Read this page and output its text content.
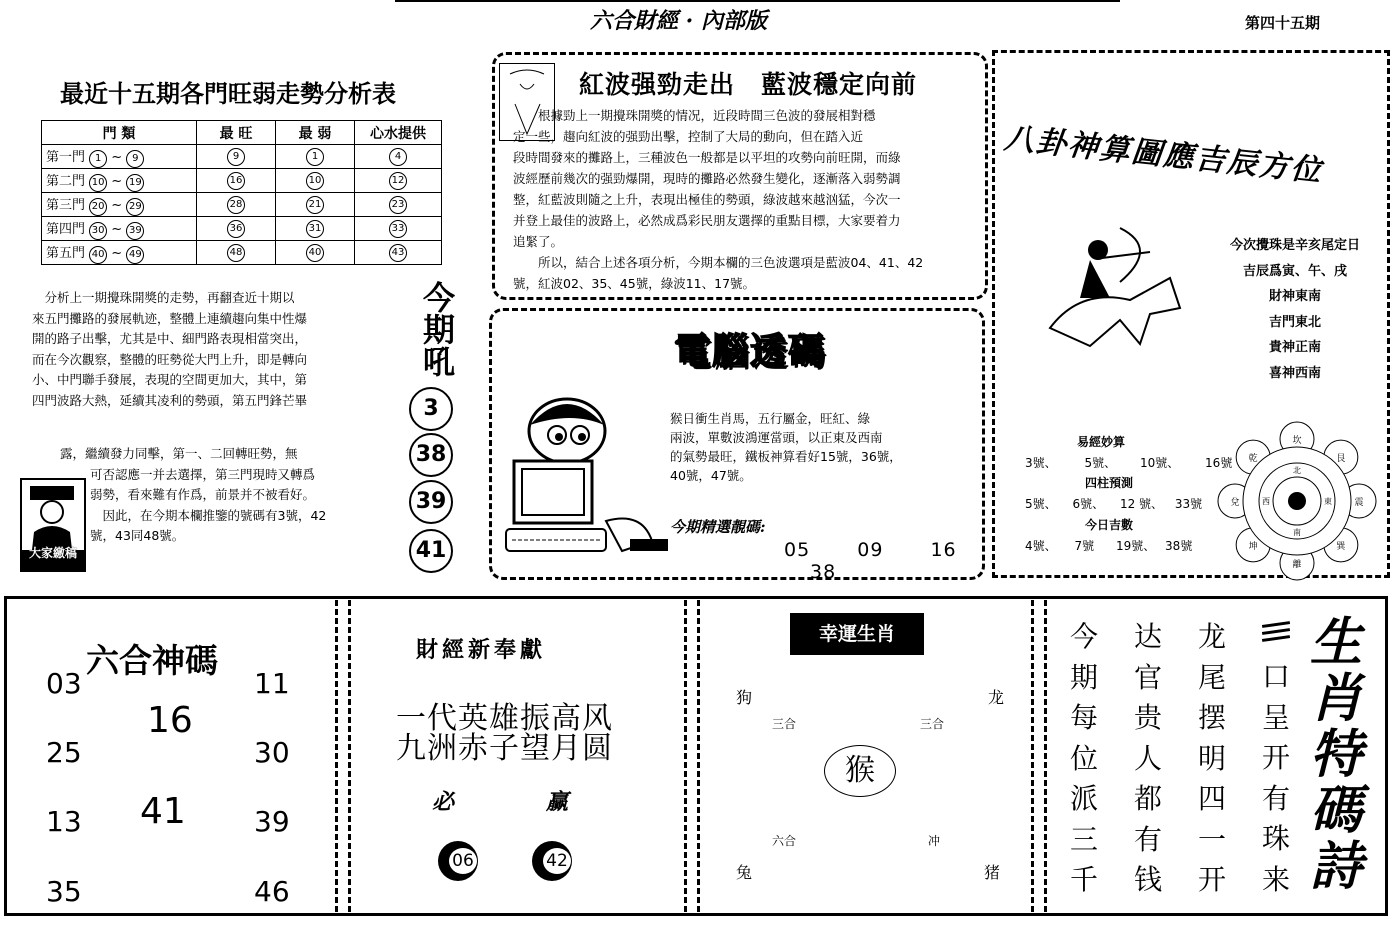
六合財經 · 內部版	第四十五期
最近十五期各門旺弱走勢分析表
門 類	最 旺	最 弱	心水提供
第一門 1 ~ 9	9	1	4
第二門 10 ~ 19	16	10	12
第三門 20 ~ 29	28	21	23
第四門 30 ~ 39	36	31	33
第五門 40 ~ 49	48	40	43
　分析上一期攪珠開獎的走勢，再翻查近十期以
來五門攤路的發展軌迹，整體上連續趨向集中性爆
開的路子出擊，尤其是中、細門路表現相當突出，
而在今次觀察，整體的旺勢從大門上升，即是轉向
小、中門聯手發展，表現的空間更加大，其中，第
四門波路大熱，延續其凌利的勢頭，第五門鋒芒畢
露，繼續發力同擊，第一、二回轉旺勢，無
可否認應一并去選擇，第三門現時又轉爲
弱勢，看來難有作爲，前景并不被看好。
　因此，在今期本欄推鑒的號碼有3號，42
號，43同48號。
大家繳稿
今期吼
3
38
39
41
紅波强勁走出　藍波穩定向前
　　根據勁上一期攪珠開獎的情况，近段時間三色波的發展相對穩
定一些，趨向紅波的强勁出擊，控制了大局的動向，但在踏入近
段時間發來的攤路上，三種波色一般都是以平坦的攻勢向前旺開，而綠
波經歷前幾次的强勁爆開，現時的攤路必然發生變化，逐漸落入弱勢調
整，紅藍波則隨之上升，表現出極佳的勢頭，綠波越來越汹猛，今次一
并登上最佳的波路上，必然成爲彩民朋友選擇的重點目標，大家要着力
追緊了。
　　所以，結合上述各項分析，今期本欄的三色波選項是藍波04、41、42
號，紅波02、35、45號，綠波11、17號。
電腦透碼
猴日衝生肖馬，五行屬金，旺紅、綠
兩波，單數波鴻運當頭，以正東及西南
的氣勢最旺，鐵板神算看好15號，36號，
40號，47號。
今期精選靚碼:
05 09 16 38
八卦神算圖應吉辰方位
今次攪珠是辛亥尾定日
吉辰爲寅、午、戌
財神東南
吉門東北
貴神正南
喜神西南
易經妙算
3號、 5號、 10號、 16號
四柱預測
5號、 6號、 12 號、 33號
今日吉數
4號、 7號 19號、 38號
坎
艮
震
巽
離
坤
兌
乾
北
東
南
西
六合神碼
03	11
16
25	30
41
13	39
35	46
財經新奉獻
一代英雄振高风
九洲赤子望月圆
必	赢
06	42
幸運生肖
狗	龙
三合	三合
猴
六合	冲
兔	猪
今
期
每
位
派
三
千
达
官
贵
人
都
有
钱
龙
尾
摆
明
四
一
开
口
呈
开
有
珠
来
生
肖
特
碼
詩
